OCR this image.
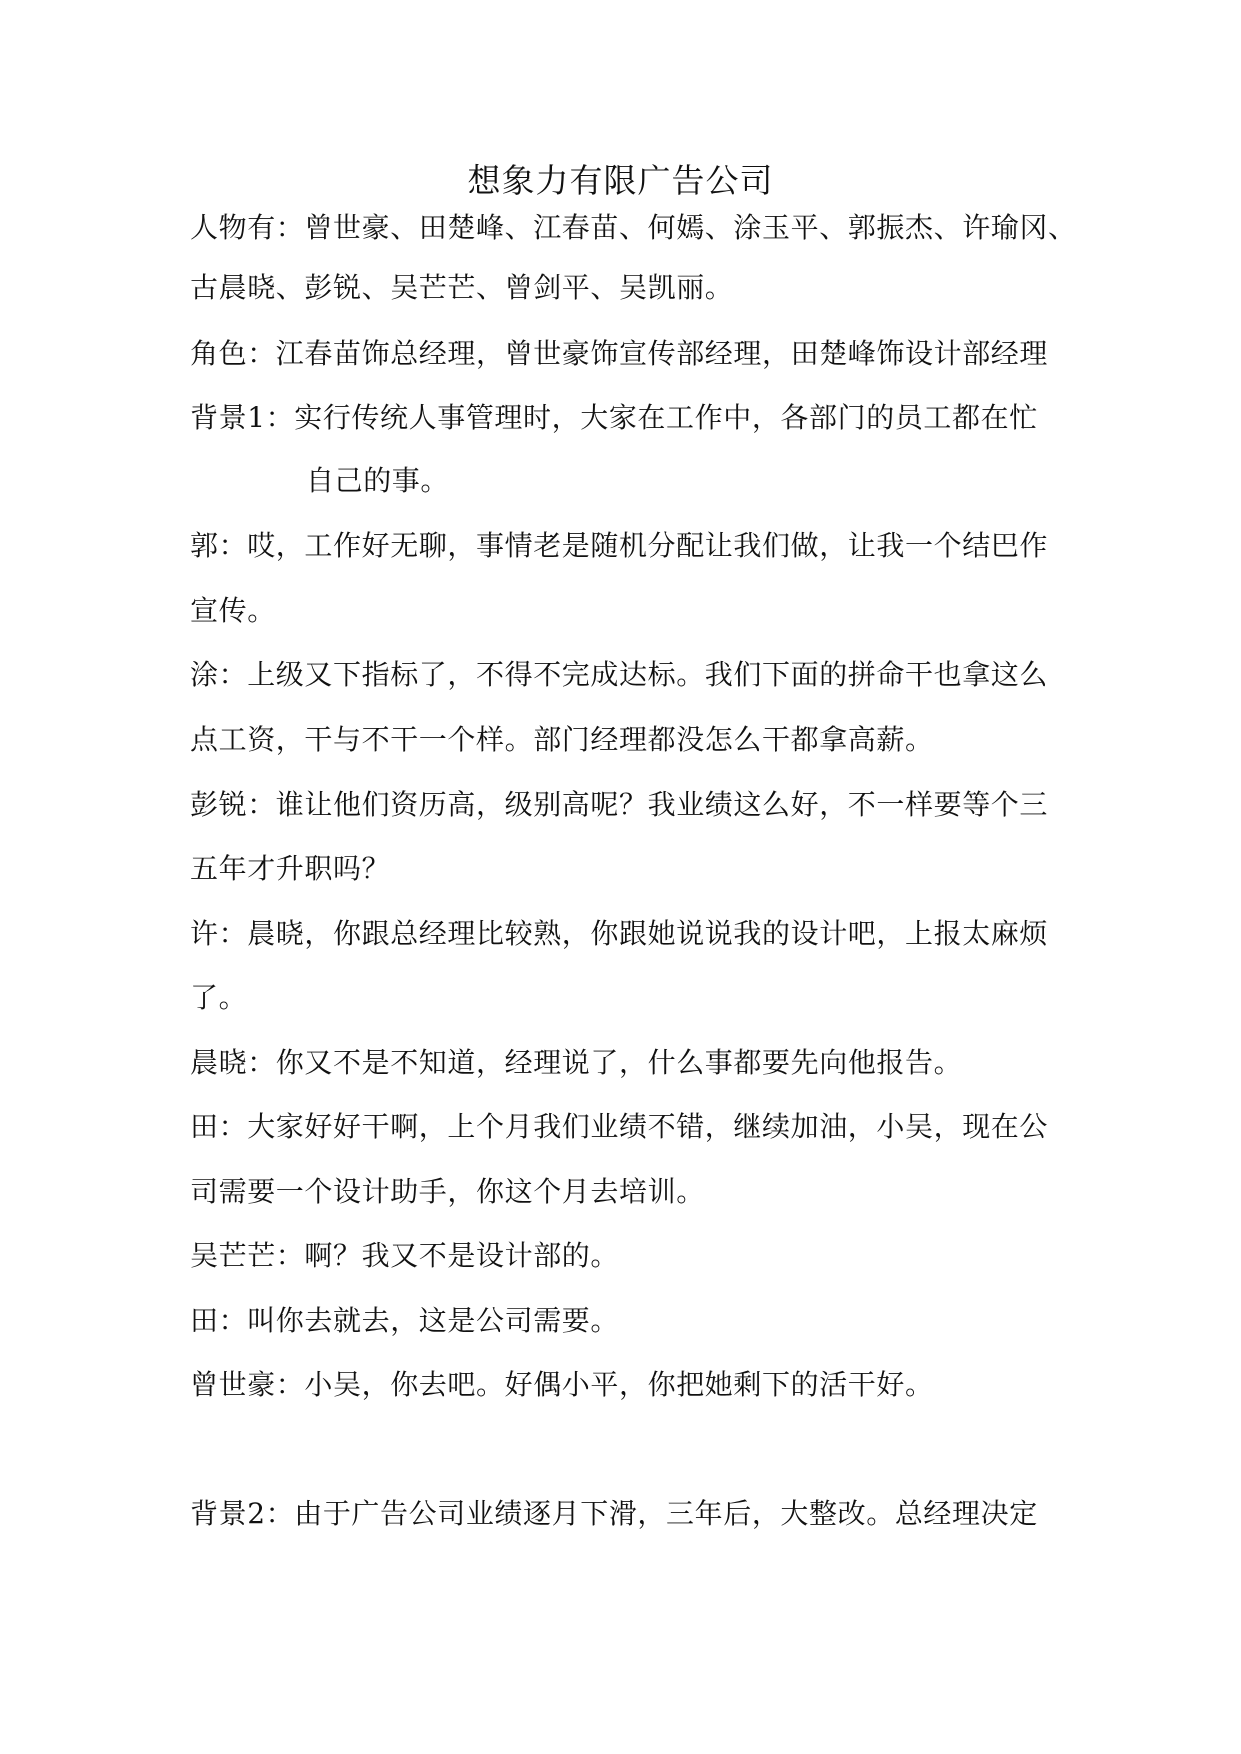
想象力有限广告公司
人物有：曾世豪、田楚峰、江春苗、何嫣、涂玉平、郭振杰、许瑜冈、
古晨晓、彭锐、吴芒芒、曾剑平、吴凯丽。
角色：江春苗饰总经理，曾世豪饰宣传部经理，田楚峰饰设计部经理
背景1：实行传统人事管理时，大家在工作中，各部门的员工都在忙
自己的事。
郭：哎，工作好无聊，事情老是随机分配让我们做，让我一个结巴作
宣传。
涂：上级又下指标了，不得不完成达标。我们下面的拼命干也拿这么
点工资，干与不干一个样。部门经理都没怎么干都拿高薪。
彭锐：谁让他们资历高，级别高呢？我业绩这么好，不一样要等个三
五年才升职吗？
许：晨晓，你跟总经理比较熟，你跟她说说我的设计吧，上报太麻烦
了。
晨晓：你又不是不知道，经理说了，什么事都要先向他报告。
田：大家好好干啊，上个月我们业绩不错，继续加油，小吴，现在公
司需要一个设计助手，你这个月去培训。
吴芒芒：啊？我又不是设计部的。
田：叫你去就去，这是公司需要。
曾世豪：小吴，你去吧。好偶小平，你把她剩下的活干好。
背景2：由于广告公司业绩逐月下滑，三年后，大整改。总经理决定
